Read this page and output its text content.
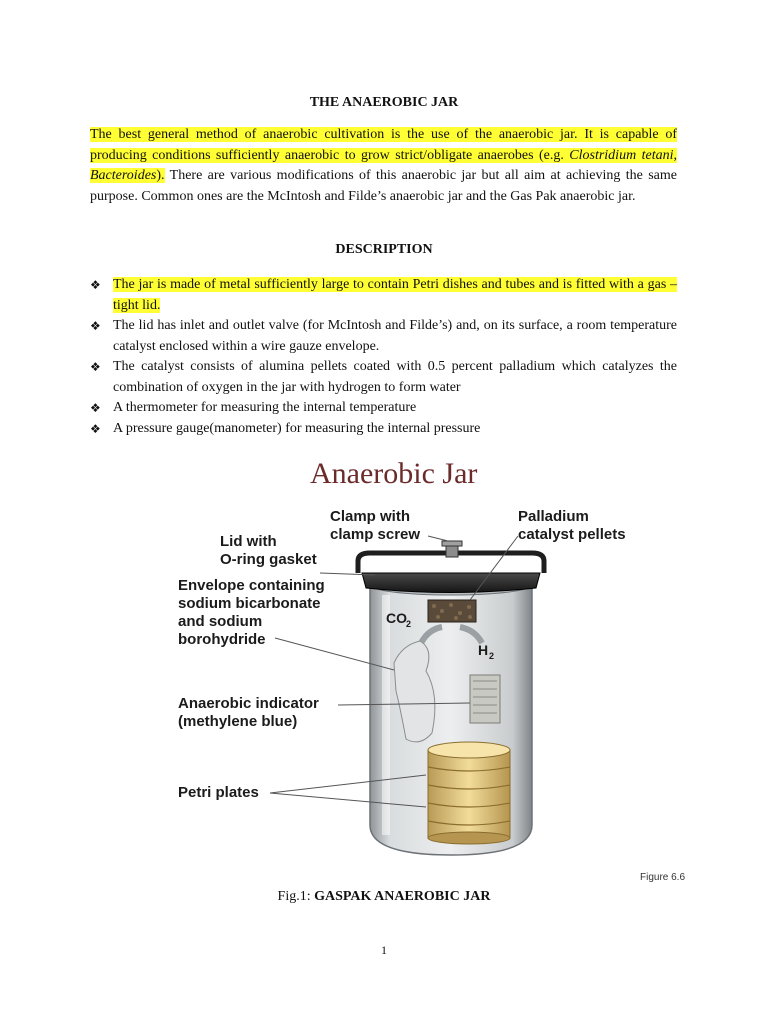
THE ANAEROBIC JAR
The best general method of anaerobic cultivation is the use of the anaerobic jar. It is capable of producing conditions sufficiently anaerobic to grow strict/obligate anaerobes (e.g. Clostridium tetani, Bacteroides). There are various modifications of this anaerobic jar but all aim at achieving the same purpose. Common ones are the McIntosh and Filde’s anaerobic jar and the Gas Pak anaerobic jar.
DESCRIPTION
❖ The jar is made of metal sufficiently large to contain Petri dishes and tubes and is fitted with a gas –tight lid.
❖ The lid has inlet and outlet valve (for McIntosh and Filde’s) and, on its surface, a room temperature catalyst enclosed within a wire gauze envelope.
❖ The catalyst consists of alumina pellets coated with 0.5 percent palladium which catalyzes the combination of oxygen in the jar with hydrogen to form water
❖ A thermometer for measuring the internal temperature
❖ A pressure gauge(manometer) for measuring the internal pressure
Anaerobic Jar
Clamp with
clamp screw
Palladium
catalyst pellets
Lid with
O-ring gasket
Envelope containing
sodium bicarbonate
and sodium
borohydride
Anaerobic indicator
(methylene blue)
Petri plates
CO 2
H 2
Figure 6.6
Fig.1: GASPAK ANAEROBIC JAR
1
